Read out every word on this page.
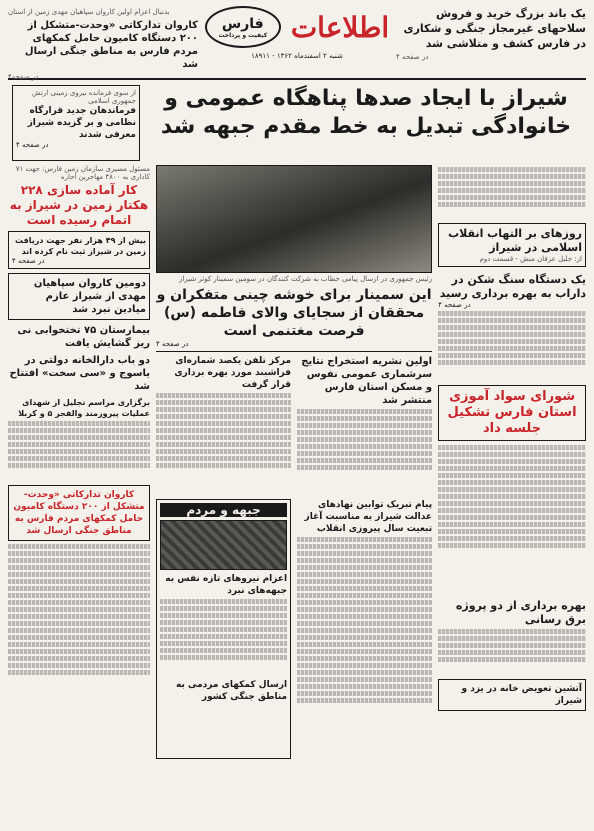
یک باند بزرگ خرید و فروش سلاحهای غیرمجاز جنگی و شکاری در فارس کشف و متلاشی شد
در صفحه ۴
اطلاعات
فارس
کیفیت و پرداخت
شنبه ۲ اسفندماه ۱۳۶۲ - ۱۸۹۱۱
بدنبال اعزام اولین کاروان سپاهیان مهدی زمین از استان
کاروان تدارکاتی «وحدت-متشکل از ۲۰۰ دستگاه کامیون حامل کمکهای مردم فارس به مناطق جنگی ارسال شد
در صفحه۴
شیراز با ایجاد صدها پناهگاه عمومی و خانوادگی تبدیل به خط مقدم جبهه شد
از سوی فرمانده نیروی زمینی ارتش جمهوری اسلامی
فرماندهان جدید قرارگاه نظامی و بر گزیده شیراز معرفی شدند
در صفحه ۴
روزهای بر التهاب انقلاب اسلامی در شیراز
از: جلیل عرفان منش - قسمت دوم
یک دستگاه سنگ شکن در داراب به بهره برداری رسید
در صفحه ۴
شورای سواد آموزی استان فارس تشکیل جلسه داد
بهره برداری از دو پروژه برق رسانی
آتشین تعویض خانه در یزد و شیراز
رئیس جمهوری در ارسال پیامی خطاب به شرکت کنندگان در سومین سمینار کوثر شیراز
این سمینار برای خوشه چینی متفکران و محققان از سجایای والای فاطمه (س) فرصت مغتنمی است
در صفحه ۴
اولین نشریه استخراج نتایج سرشماری عمومی نفوس و مسکن استان فارس منتشر شد
مرکز تلفن یکصد شماره‌ای فراشبند مورد بهره برداری قرار گرفت
پیام تبریک توابین نهادهای عدالت شیراز به مناسبت آغاز تبعیت سال پیروزی انقلاب
جبهه و مردم
اعزام نیروهای تازه نفس به جبهه‌های نبرد
ارسال کمکهای مردمی به مناطق جنگی کشور
مسئول مسیری سازمان زمین فارس: جهت ۷۱ کاداری به ۴۸۰۰ مهاجرین اجاره
کار آماده سازی ۲۲۸ هکتار زمین در شیراز به اتمام رسیده است
بیش از ۴۹ هزار نفر جهت دریافت زمین در شیراز ثبت نام کرده اند
در صفحه ۴
دومین کاروان سپاهیان مهدی از شیراز عازم میادین نبرد شد
بیمارستان ۷۵ تختخوابی نی ریز گشایش یافت
دو باب دارالخانه دولتی در یاسوج و «سی سخت» افتتاح شد
برگزاری مراسم تجلیل از شهدای عملیات پیروزمند والفجر ۵ و کربلا
کاروان تدارکاتی «وحدت-متشکل از ۲۰۰ دستگاه کامیون حامل کمکهای مردم فارس به مناطق جنگی ارسال شد
